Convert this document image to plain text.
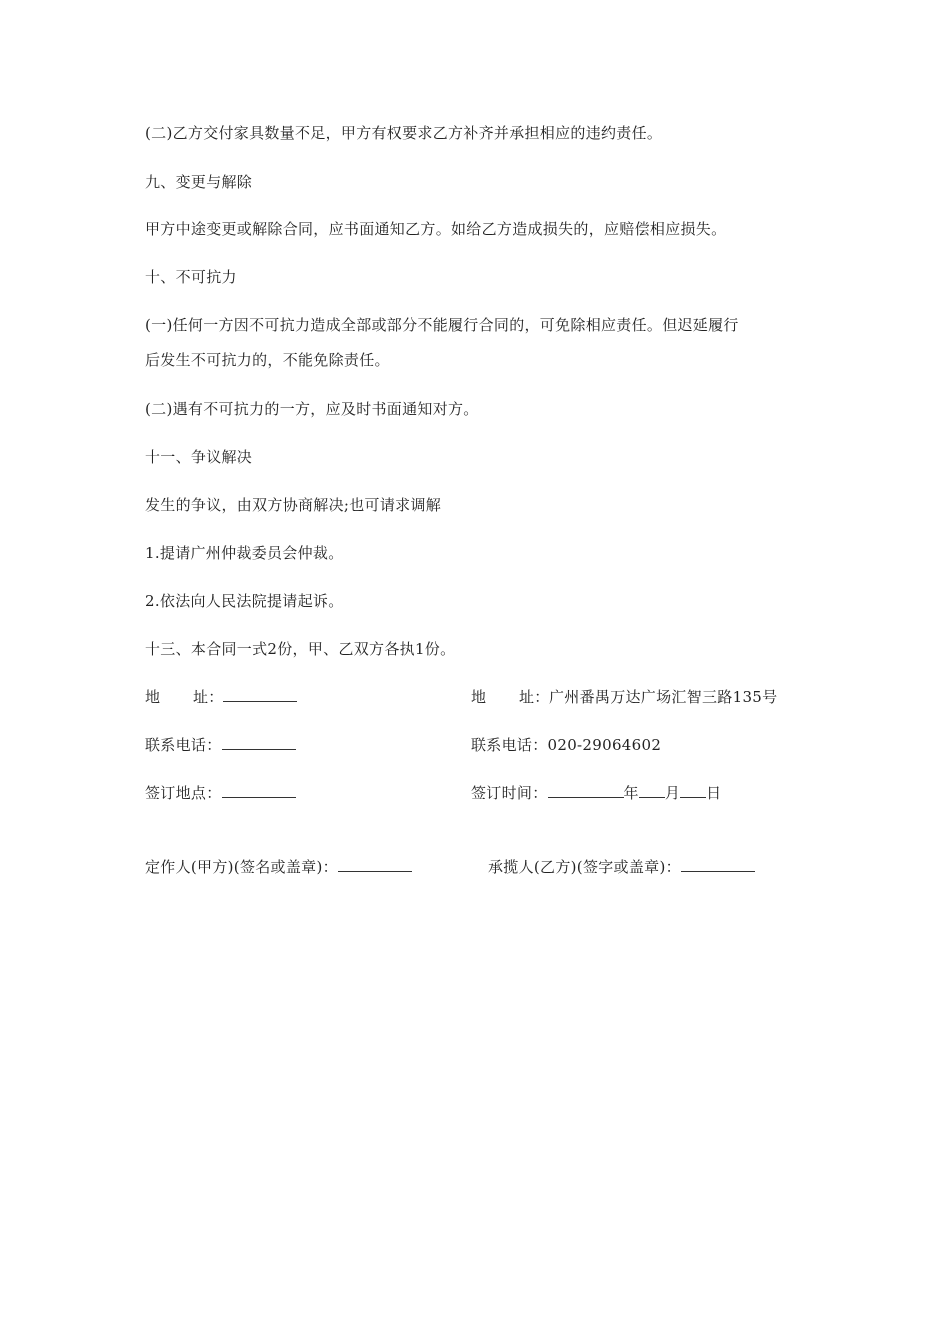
(二)乙方交付家具数量不足，甲方有权要求乙方补齐并承担相应的违约责任。
九、变更与解除
甲方中途变更或解除合同，应书面通知乙方。如给乙方造成损失的，应赔偿相应损失。
十、不可抗力
(一)任何一方因不可抗力造成全部或部分不能履行合同的，可免除相应责任。但迟延履行
后发生不可抗力的，不能免除责任。
(二)遇有不可抗力的一方，应及时书面通知对方。
十一、争议解决
发生的争议，由双方协商解决;也可请求调解
1.提请广州仲裁委员会仲裁。
2.依法向人民法院提请起诉。
十三、本合同一式2份，甲、乙双方各执1份。
地 址：	地 址：广州番禺万达广场汇智三路135号
联系电话：	联系电话：020-29064602
签订地点：	签订时间：	年 月 日
定作人(甲方)(签名或盖章)：	承揽人(乙方)(签字或盖章)：
